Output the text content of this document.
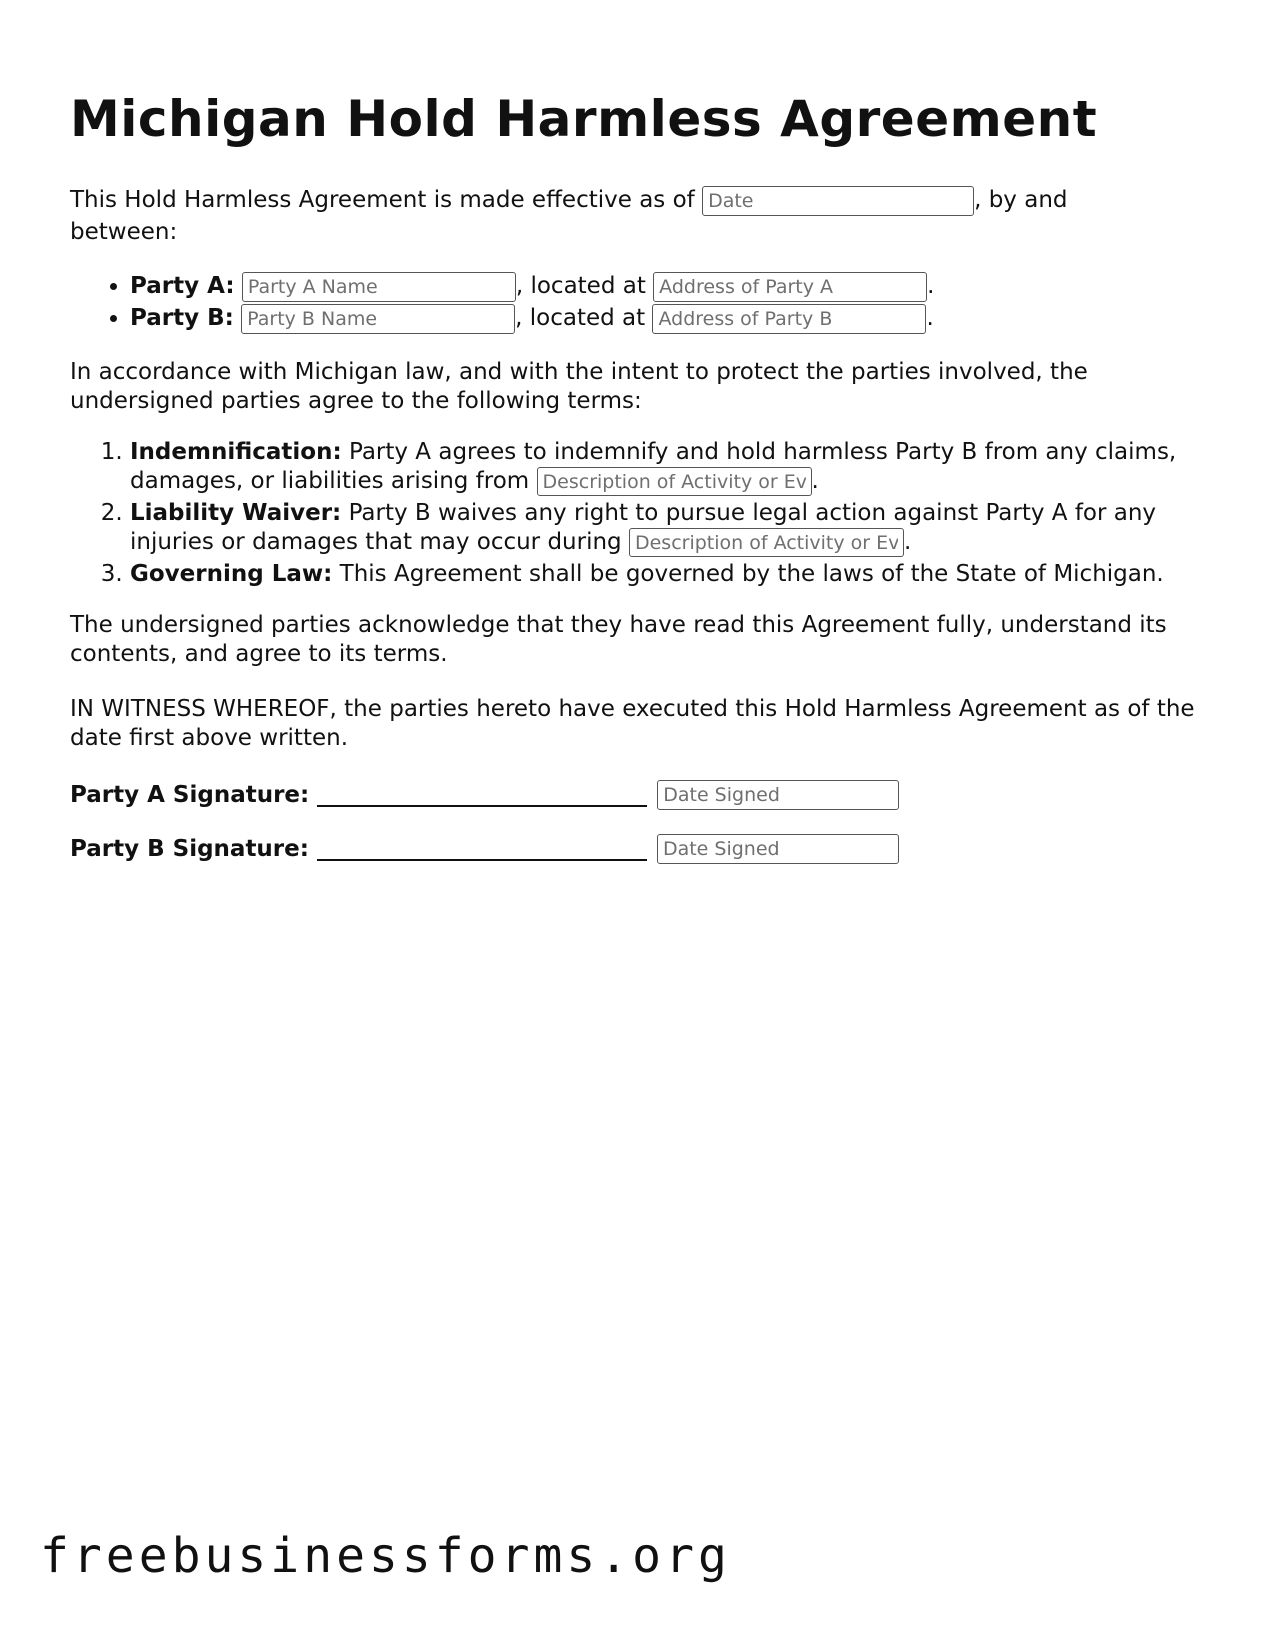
Michigan Hold Harmless Agreement

This Hold Harmless Agreement is made effective as of Date	, by and
between:

• Party A: Party A Name	, located at Address of Party A	.
• Party B: Party B Name	, located at Address of Party B	.

In accordance with Michigan law, and with the intent to protect the parties involved, the undersigned parties agree to the following terms:

1. Indemnification: Party A agrees to indemnify and hold harmless Party B from any claims, damages, or liabilities arising from Description of Activity or Event	.
2. Liability Waiver: Party B waives any right to pursue legal action against Party A for any injuries or damages that may occur during Description of Activity or Event	.
3. Governing Law: This Agreement shall be governed by the laws of the State of Michigan.

The undersigned parties acknowledge that they have read this Agreement fully, understand its contents, and agree to its terms.

IN WITNESS WHEREOF, the parties hereto have executed this Hold Harmless Agreement as of the date first above written.

Party A Signature:
Date Signed
Party B Signature:
Date Signed
freebusinessforms.org
